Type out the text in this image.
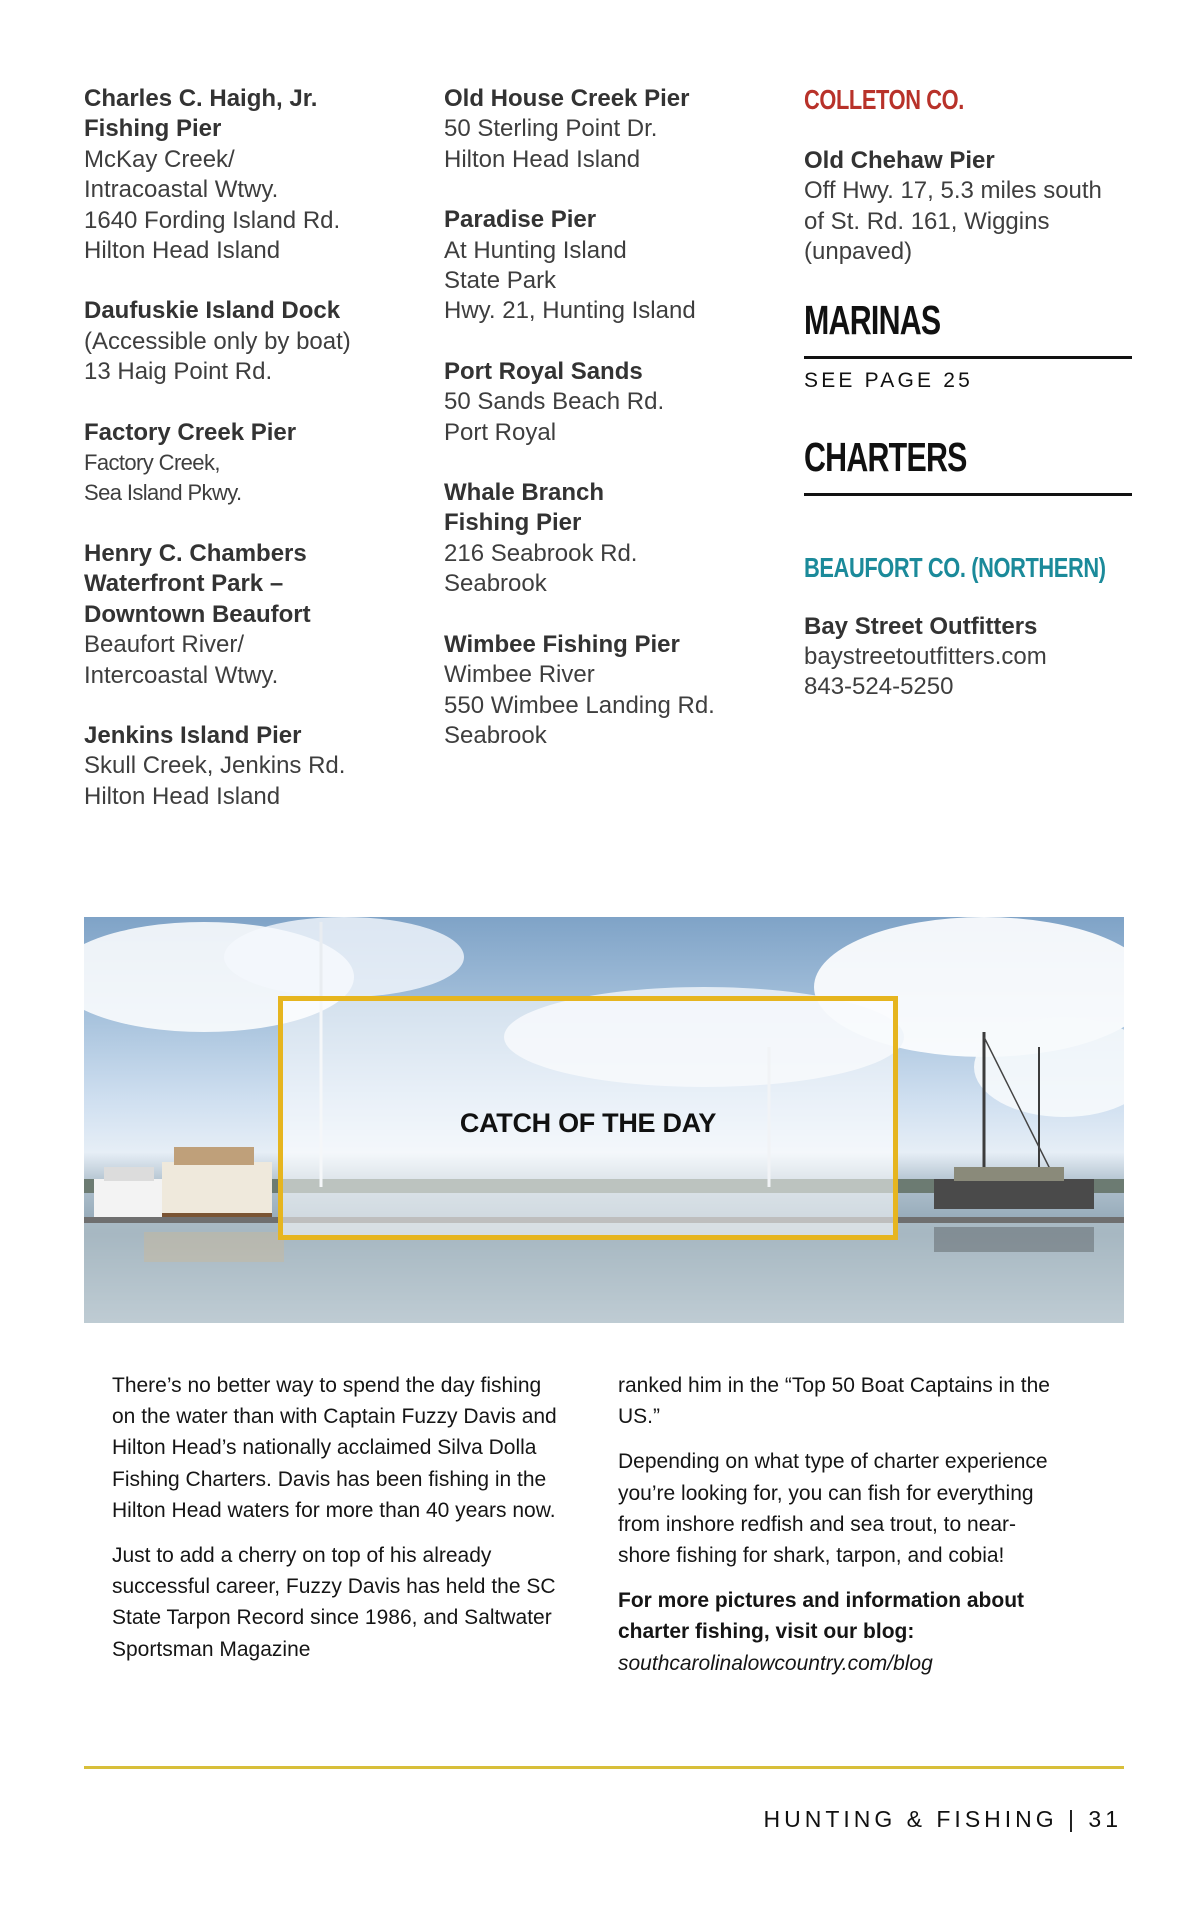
Charles C. Haigh, Jr. Fishing Pier
McKay Creek/
Intracoastal Wtwy.
1640 Fording Island Rd.
Hilton Head Island
Daufuskie Island Dock
(Accessible only by boat)
13 Haig Point Rd.
Factory Creek Pier
Factory Creek,
Sea Island Pkwy.
Henry C. Chambers Waterfront Park – Downtown Beaufort
Beaufort River/
Intercoastal Wtwy.
Jenkins Island Pier
Skull Creek, Jenkins Rd.
Hilton Head Island
Old House Creek Pier
50 Sterling Point Dr.
Hilton Head Island
Paradise Pier
At Hunting Island
State Park
Hwy. 21, Hunting Island
Port Royal Sands
50 Sands Beach Rd.
Port Royal
Whale Branch Fishing Pier
216 Seabrook Rd.
Seabrook
Wimbee Fishing Pier
Wimbee River
550 Wimbee Landing Rd.
Seabrook
COLLETON CO.
Old Chehaw Pier
Off Hwy. 17, 5.3 miles south
of St. Rd. 161, Wiggins
(unpaved)
MARINAS
SEE PAGE 25
CHARTERS
BEAUFORT CO. (NORTHERN)
Bay Street Outfitters
baystreetoutfitters.com
843-524-5250
CATCH OF THE DAY

There’s no better way to spend the day fishing on the water than with Captain Fuzzy Davis and Hilton Head’s nationally acclaimed Silva Dolla Fishing Charters. Davis has been fishing in the Hilton Head waters for more than 40 years now.

Just to add a cherry on top of his already successful career, Fuzzy Davis has held the SC State Tarpon Record since 1986, and Saltwater Sportsman Magazine

ranked him in the “Top 50 Boat Captains in the US.”

Depending on what type of charter experience you’re looking for, you can fish for everything from inshore redfish and sea trout, to near-shore fishing for shark, tarpon, and cobia!

For more pictures and information about charter fishing, visit our blog:
southcarolinalowcountry.com/blog

HUNTING & FISHING | 31
